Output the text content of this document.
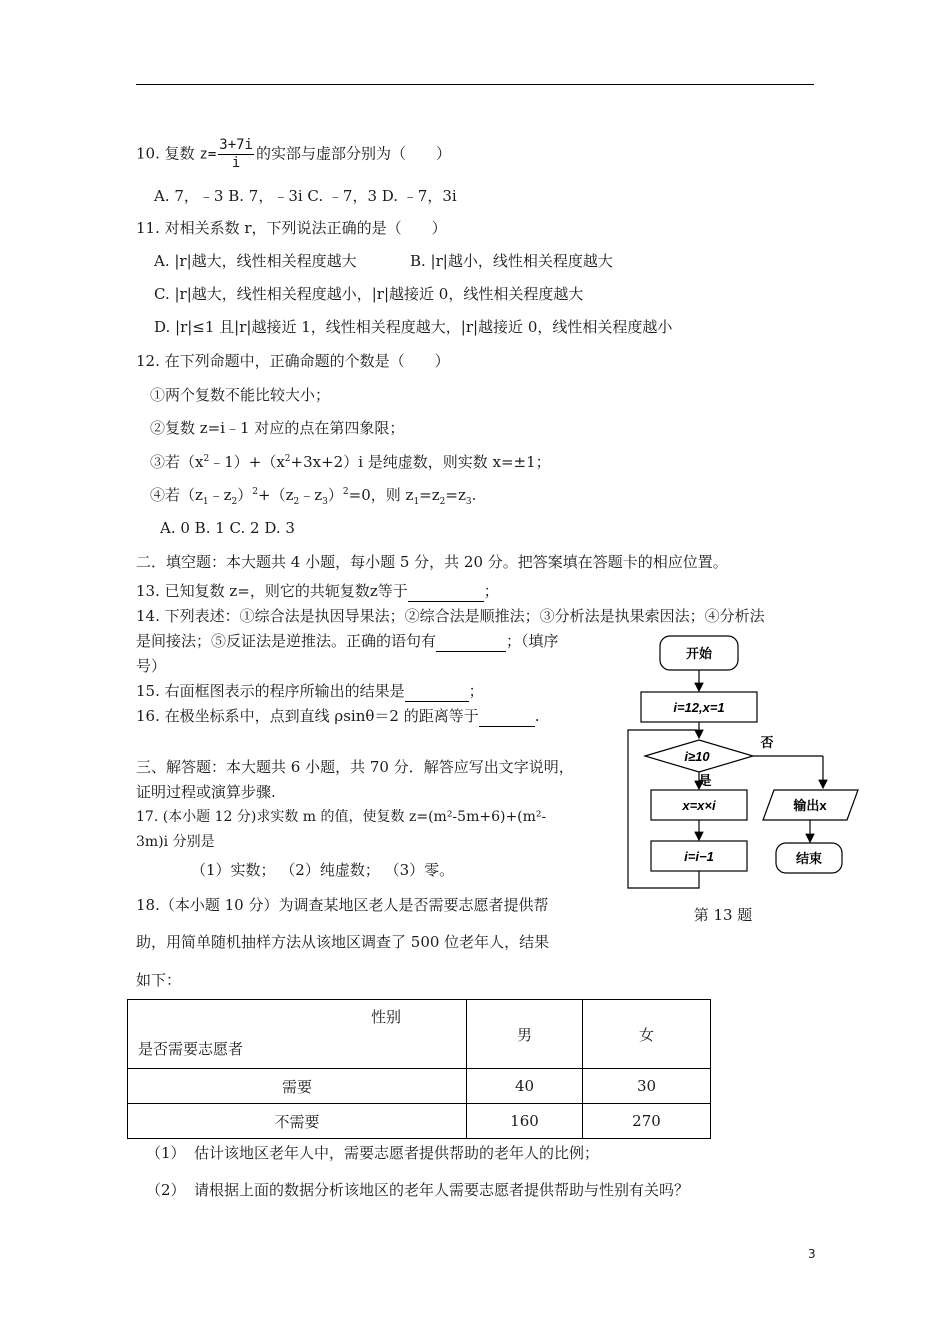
10. 复数 $z= \frac{3+7i}{i}$ 的实部与虚部分别为（　　）
A. 7，﹣3 B. 7，﹣3i C. ﹣7，3 D. ﹣7，3i
11. 对相关系数 r，下列说法正确的是（　　）
A. |r|越大，线性相关程度越大	B. |r|越小，线性相关程度越大
C. |r|越大，线性相关程度越小，|r|越接近 0，线性相关程度越大
D. |r|≤1 且|r|越接近 1，线性相关程度越大，|r|越接近 0，线性相关程度越小
12. 在下列命题中，正确命题的个数是（　　）
①两个复数不能比较大小；
②复数 z=i﹣1 对应的点在第四象限；
③若$(x^2﹣1)+(x^2+3x+2)i$ 是纯虚数，则实数 x=±1；
④若$(z_1﹣z_2)^2+(z_2﹣z_3)^2=0$，则 $z_1=z_2=z_3$.
A. 0 B. 1 C. 2 D. 3
二．填空题：本大题共 4 小题，每小题 5 分，共 20 分。把答案填在答题卡的相应位置。
13. 已知复数 z=，则它的共轭复数z等于	；
14. 下列表述：①综合法是执因导果法；②综合法是顺推法；③分析法是执果索因法；④分析法
是间接法；⑤反证法是逆推法。正确的语句有	；（填序
号）
15. 右面框图表示的程序所输出的结果是	；
16. 在极坐标系中，点到直线 ρsinθ＝2 的距离等于	.
三、解答题：本大题共 6 小题，共 70 分．解答应写出文字说明，
证明过程或演算步骤.
17. (本小题 12 分)求实数 m 的值，使复数 z=(m²-5m+6)+(m²-
3m)i 分别是
（1）实数； （2）纯虚数； （3）零。
18.（本小题 10 分）为调查某地区老人是否需要志愿者提供帮
助，用简单随机抽样方法从该地区调查了 500 位老年人，结果
如下：
性别
是否需要志愿者	男	女
需要	40	30
不需要	160	270
（1） 估计该地区老年人中，需要志愿者提供帮助的老年人的比例；
（2） 请根据上面的数据分析该地区的老年人需要志愿者提供帮助与性别有关吗？
开始
i=12,x=1
i≥10
是
否
x=x×i
i=i−1
输出x
结束
第 13 题
3
